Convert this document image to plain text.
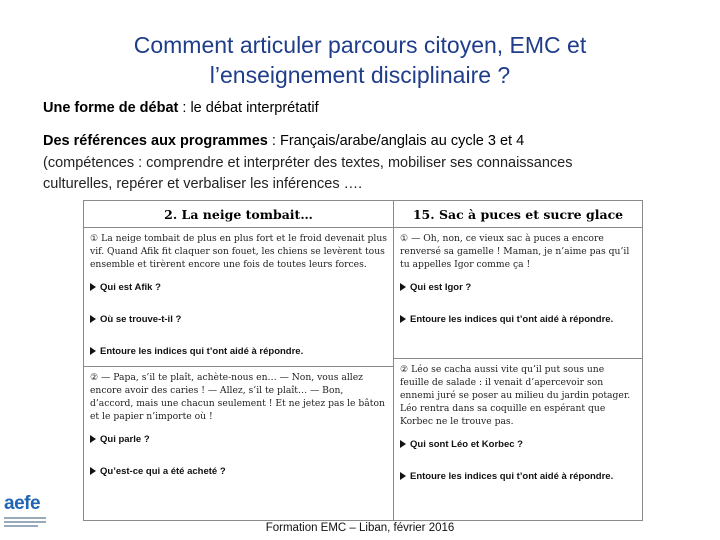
Comment articuler parcours citoyen, EMC et
l’enseignement disciplinaire ?
Une forme de débat : le débat interprétatif
Des références aux programmes : Français/arabe/anglais au cycle 3 et 4
(compétences : comprendre et interpréter des textes, mobiliser ses connaissances
culturelles, repérer et verbaliser les inférences ….
2. La neige tombait…
① La neige tombait de plus en plus fort et le froid devenait plus vif. Quand Afik fit claquer son fouet, les chiens se levèrent tous ensemble et tirèrent encore une fois de toutes leurs forces.
Qui est Afik ?
Où se trouve-t-il ?
Entoure les indices qui t’ont aidé à répondre.
② — Papa, s’il te plaît, achète-nous en… — Non, vous allez encore avoir des caries ! — Allez, s’il te plaît… — Bon, d’accord, mais une chacun seulement ! Et ne jetez pas le bâton et le papier n’importe où !
Qui parle ?
Qu’est-ce qui a été acheté ?
15. Sac à puces et sucre glace
① — Oh, non, ce vieux sac à puces a encore renversé sa gamelle ! Maman, je n’aime pas qu’il tu appelles Igor comme ça !
Qui est Igor ?
Entoure les indices qui t’ont aidé à répondre.
② Léo se cacha aussi vite qu’il put sous une feuille de salade : il venait d’apercevoir son ennemi juré se poser au milieu du jardin potager. Léo rentra dans sa coquille en espérant que Korbec ne le trouve pas.
Qui sont Léo et Korbec ?
Entoure les indices qui t’ont aidé à répondre.
aefe
Formation EMC – Liban, février 2016
